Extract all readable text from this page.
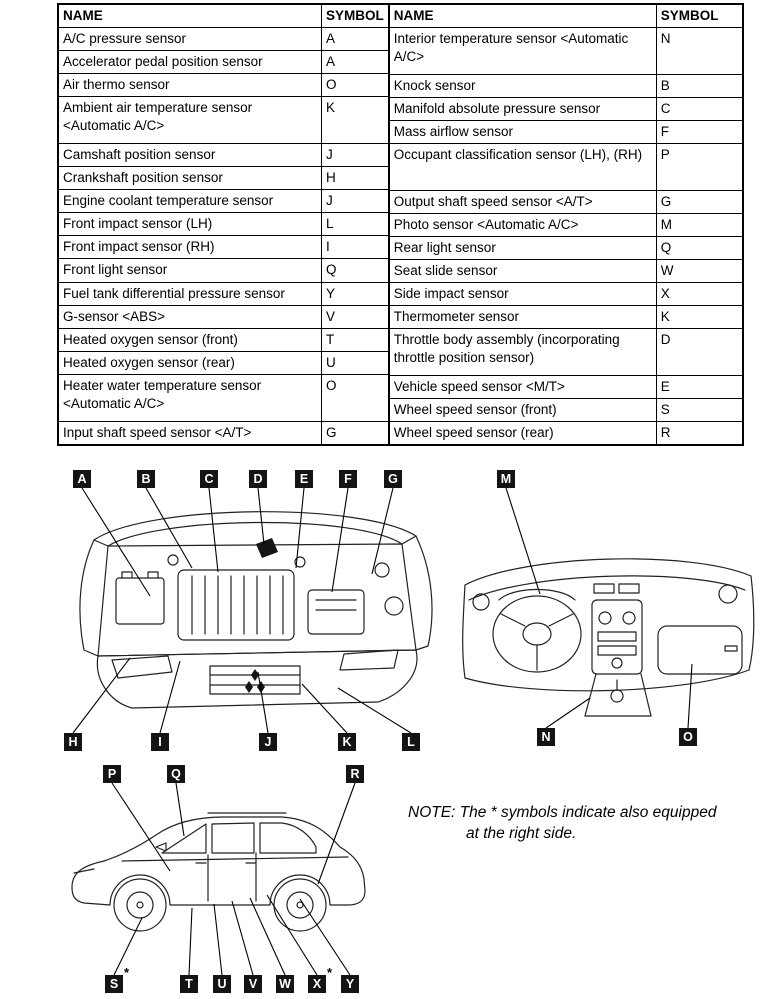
NAME	SYMBOL
A/C pressure sensor	A
Accelerator pedal position sensor	A
Air thermo sensor	O
Ambient air temperature sensor <Automatic A/C>	K
Camshaft position sensor	J
Crankshaft position sensor	H
Engine coolant temperature sensor	J
Front impact sensor (LH)	L
Front impact sensor (RH)	I
Front light sensor	Q
Fuel tank differential pressure sensor	Y
G-sensor <ABS>	V
Heated oxygen sensor (front)	T
Heated oxygen sensor (rear)	U
Heater water temperature sensor <Automatic A/C>	O
Input shaft speed sensor <A/T>	G
NAME	SYMBOL
Interior temperature sensor <Automatic A/C>	N
Knock sensor	B
Manifold absolute pressure sensor	C
Mass airflow sensor	F
Occupant classification sensor (LH), (RH)	P
Output shaft speed sensor <A/T>	G
Photo sensor <Automatic A/C>	M
Rear light sensor	Q
Seat slide sensor	W
Side impact sensor	X
Thermometer sensor	K
Throttle body assembly (incorporating throttle position sensor)	D
Vehicle speed sensor <M/T>	E
Wheel speed sensor (front)	S
Wheel speed sensor (rear)	R
A	B	C	D	E	F	G
H	I	J	K	L
M
N	O
P	Q	R
S
*
T	U	V	W	X
*
Y
NOTE: The * symbols indicate also equipped at the right side.
